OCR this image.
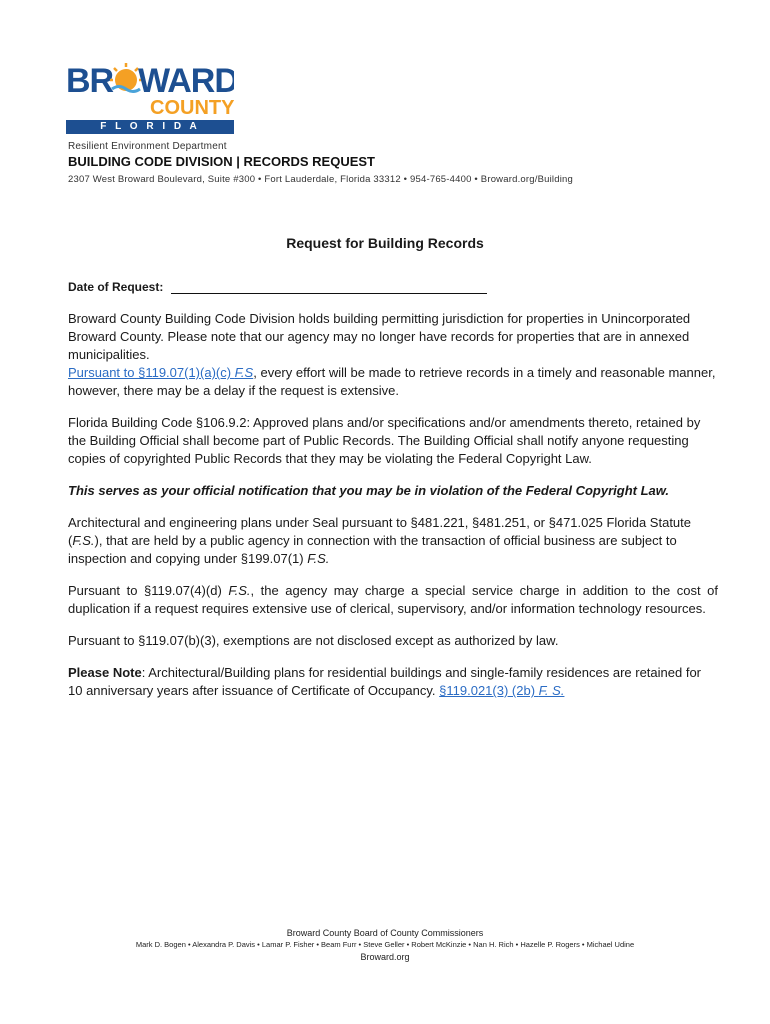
BR WARD
COUNTY
F L O R I D A
Resilient Environment Department
BUILDING CODE DIVISION | RECORDS REQUEST
2307 West Broward Boulevard, Suite #300 • Fort Lauderdale, Florida 33312 • 954-765-4400 • Broward.org/Building
Request for Building Records
Date of Request:

Broward County Building Code Division holds building permitting jurisdiction for properties in Unincorporated Broward County. Please note that our agency may no longer have records for properties that are in annexed municipalities.
Pursuant to §119.07(1)(a)(c) F.S, every effort will be made to retrieve records in a timely and reasonable manner, however, there may be a delay if the request is extensive.

Florida Building Code §106.9.2: Approved plans and/or specifications and/or amendments thereto, retained by the Building Official shall become part of Public Records. The Building Official shall notify anyone requesting copies of copyrighted Public Records that they may be violating the Federal Copyright Law.

This serves as your official notification that you may be in violation of the Federal Copyright Law.

Architectural and engineering plans under Seal pursuant to §481.221, §481.251, or §471.025 Florida Statute (F.S.), that are held by a public agency in connection with the transaction of official business are subject to inspection and copying under §199.07(1) F.S.

Pursuant to §119.07(4)(d) F.S., the agency may charge a special service charge in addition to the cost of duplication if a request requires extensive use of clerical, supervisory, and/or information technology resources.

Pursuant to §119.07(b)(3), exemptions are not disclosed except as authorized by law.

Please Note: Architectural/Building plans for residential buildings and single-family residences are retained for 10 anniversary years after issuance of Certificate of Occupancy. §119.021(3) (2b) F. S.

Broward County Board of County Commissioners
Mark D. Bogen • Alexandra P. Davis • Lamar P. Fisher • Beam Furr • Steve Geller • Robert McKinzie • Nan H. Rich • Hazelle P. Rogers • Michael Udine
Broward.org
